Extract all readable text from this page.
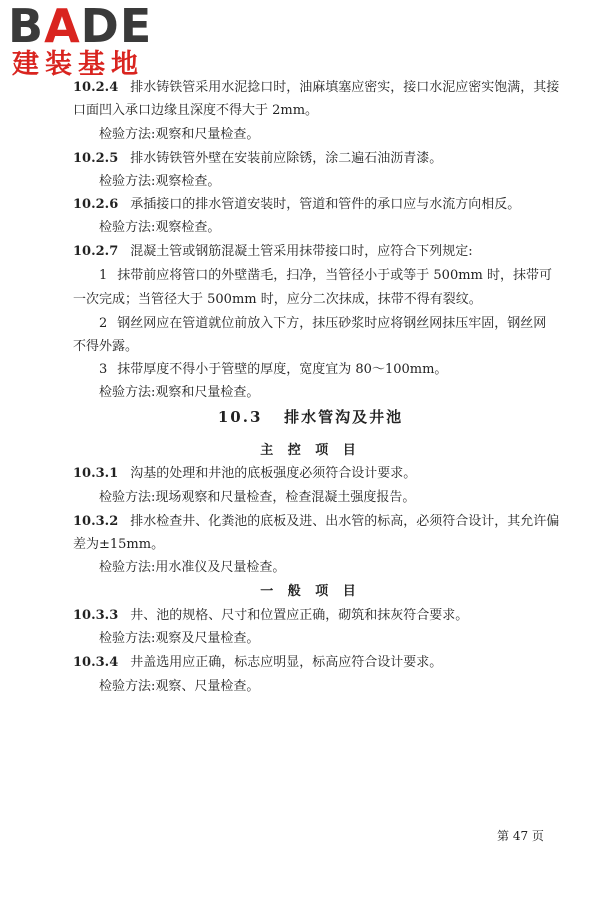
BADE
建装基地
10.2.4 排水铸铁管采用水泥捻口时，油麻填塞应密实，接口水泥应密实饱满，其接
口面凹入承口边缘且深度不得大于 2mm。
检验方法:观察和尺量检查。
10.2.5 排水铸铁管外壁在安装前应除锈，涂二遍石油沥青漆。
检验方法:观察检查。
10.2.6 承插接口的排水管道安装时，管道和管件的承口应与水流方向相反。
检验方法:观察检查。
10.2.7 混凝土管或钢筋混凝土管采用抹带接口时，应符合下列规定:
1 抹带前应将管口的外壁凿毛，扫净，当管径小于或等于 500mm 时，抹带可
一次完成；当管径大于 500mm 时，应分二次抹成，抹带不得有裂纹。
2 钢丝网应在管道就位前放入下方，抹压砂浆时应将钢丝网抹压牢固，钢丝网
不得外露。
3 抹带厚度不得小于管壁的厚度，宽度宜为 80～100mm。
检验方法:观察和尺量检查。
10.3 排水管沟及井池
主 控 项 目
10.3.1 沟基的处理和井池的底板强度必须符合设计要求。
检验方法:现场观察和尺量检查，检查混凝土强度报告。
10.3.2 排水检查井、化粪池的底板及进、出水管的标高，必须符合设计，其允许偏
差为±15mm。
检验方法:用水准仪及尺量检查。
一 般 项 目
10.3.3 井、池的规格、尺寸和位置应正确，砌筑和抹灰符合要求。
检验方法:观察及尺量检查。
10.3.4 井盖选用应正确，标志应明显，标高应符合设计要求。
检验方法:观察、尺量检查。
第 47 页
